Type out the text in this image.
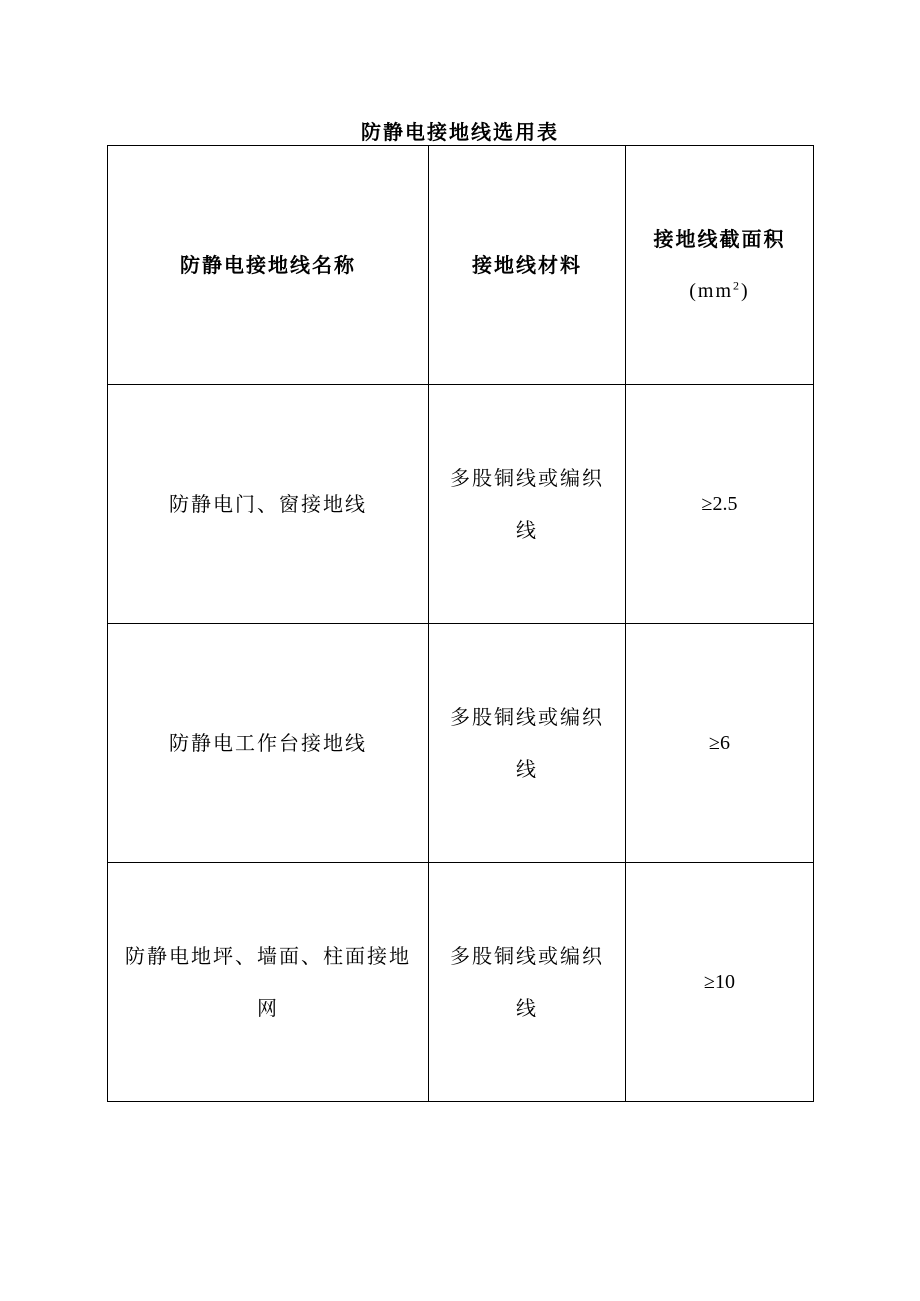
防静电接地线选用表
防静电接地线名称	接地线材料	接地线截面积
$(mm^2)$

防静电门、窗接地线	多股铜线或编织线	≥2.5
防静电工作台接地线	多股铜线或编织线	≥6
防静电地坪、墙面、柱面接地网	多股铜线或编织线	≥10
